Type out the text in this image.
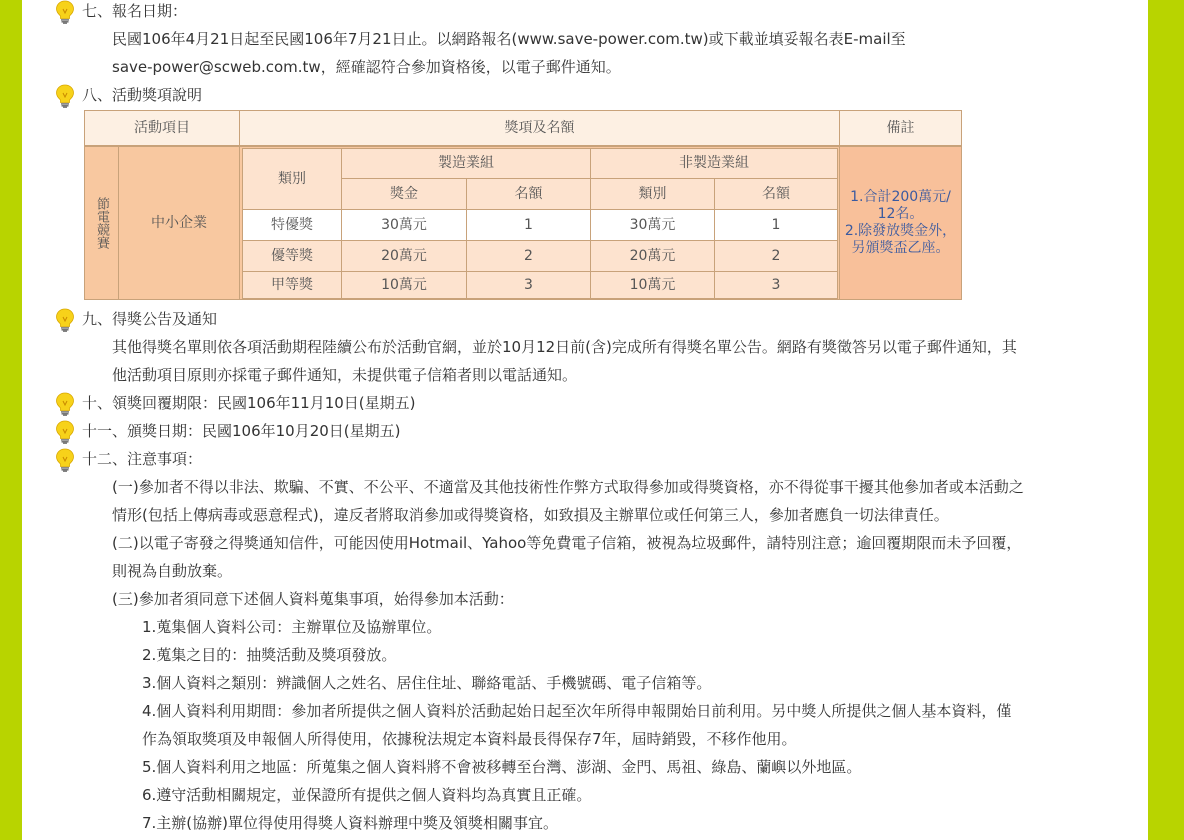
七、報名日期：
民國106年4月21日起至民國106年7月21日止。以網路報名(www.save-power.com.tw)或下載並填妥報名表E-mail至
save-power@scweb.com.tw，經確認符合參加資格後，以電子郵件通知。
八、活動獎項說明
活動項目	獎項及名額	備註
節電競賽	中小企業
類別
製造業組	非製造業組
獎金	名額	類別	名額
特優獎	30萬元	1	30萬元	1
優等獎	20萬元	2	20萬元	2
甲等獎	10萬元	3	10萬元	3
1.合計200萬元/
12名。
2.除發放獎金外，
另頒獎盃乙座。
九、得獎公告及通知
其他得獎名單則依各項活動期程陸續公布於活動官網，並於10月12日前(含)完成所有得獎名單公告。網路有獎徵答另以電子郵件通知，其
他活動項目原則亦採電子郵件通知，未提供電子信箱者則以電話通知。
十、領獎回覆期限：民國106年11月10日(星期五)
十一、頒獎日期：民國106年10月20日(星期五)
十二、注意事項：
(一)參加者不得以非法、欺騙、不實、不公平、不適當及其他技術性作弊方式取得參加或得獎資格，亦不得從事干擾其他參加者或本活動之
情形(包括上傳病毒或惡意程式)，違反者將取消參加或得獎資格，如致損及主辦單位或任何第三人，參加者應負一切法律責任。
(二)以電子寄發之得獎通知信件，可能因使用Hotmail、Yahoo等免費電子信箱，被視為垃圾郵件，請特別注意；逾回覆期限而未予回覆，
則視為自動放棄。
(三)參加者須同意下述個人資料蒐集事項，始得參加本活動：
1.蒐集個人資料公司：主辦單位及協辦單位。
2.蒐集之目的：抽獎活動及獎項發放。
3.個人資料之類別：辨識個人之姓名、居住住址、聯絡電話、手機號碼、電子信箱等。
4.個人資料利用期間：參加者所提供之個人資料於活動起始日起至次年所得申報開始日前利用。另中獎人所提供之個人基本資料，僅
作為領取獎項及申報個人所得使用，依據稅法規定本資料最長得保存7年，屆時銷毀，不移作他用。
5.個人資料利用之地區：所蒐集之個人資料將不會被移轉至台灣、澎湖、金門、馬祖、綠島、蘭嶼以外地區。
6.遵守活動相關規定，並保證所有提供之個人資料均為真實且正確。
7.主辦(協辦)單位得使用得獎人資料辦理中獎及領獎相關事宜。
